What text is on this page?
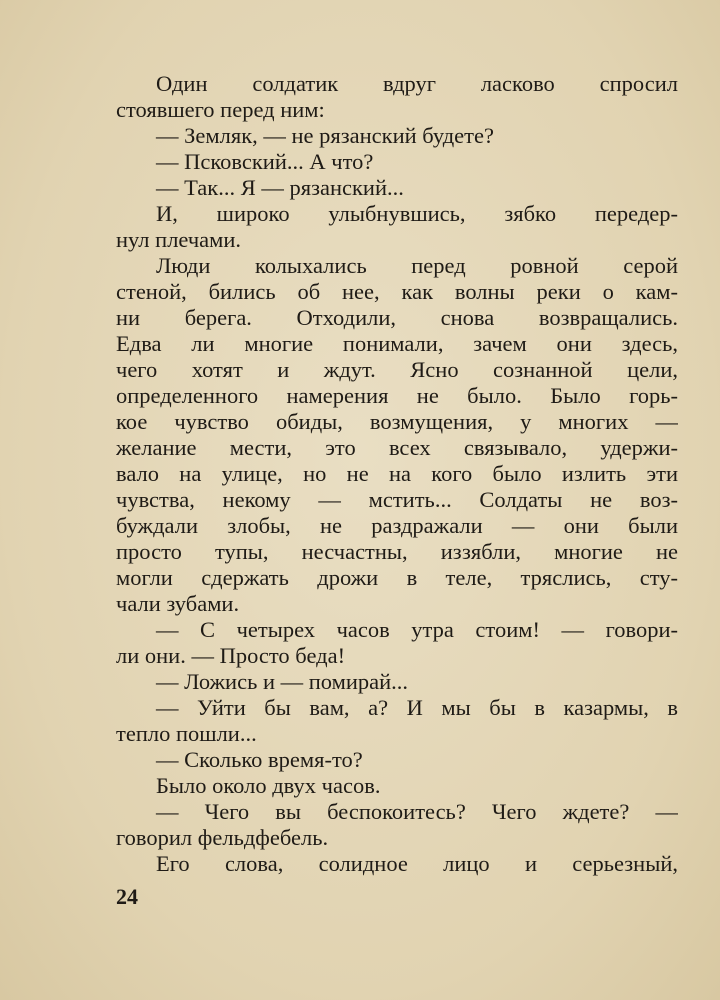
Один солдатик вдруг ласково спросил
стоявшего перед ним:
— Земляк, — не рязанский будете?
— Псковский... А что?
— Так... Я — рязанский...
И, широко улыбнувшись, зябко передер-
нул плечами.
Люди колыхались перед ровной серой
стеной, бились об нее, как волны реки о кам-
ни берега. Отходили, снова возвращались.
Едва ли многие понимали, зачем они здесь,
чего хотят и ждут. Ясно сознанной цели,
определенного намерения не было. Было горь-
кое чувство обиды, возмущения, у многих —
желание мести, это всех связывало, удержи-
вало на улице, но не на кого было излить эти
чувства, некому — мстить... Солдаты не воз-
буждали злобы, не раздражали — они были
просто тупы, несчастны, иззябли, многие не
могли сдержать дрожи в теле, тряслись, сту-
чали зубами.
— С четырех часов утра стоим! — говори-
ли они. — Просто беда!
— Ложись и — помирай...
— Уйти бы вам, а? И мы бы в казармы, в
тепло пошли...
— Сколько время-то?
Было около двух часов.
— Чего вы беспокоитесь? Чего ждете? —
говорил фельдфебель.
Его слова, солидное лицо и серьезный,
24
